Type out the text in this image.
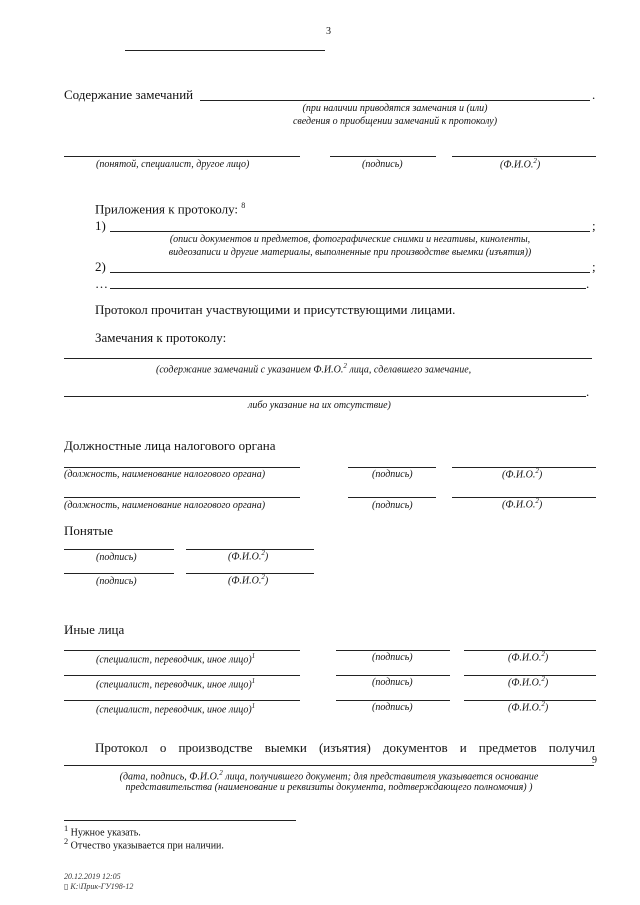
3
Содержание замечаний	.
(при наличии приводятся замечания и (или)
сведения о приобщении замечаний к протоколу)
(понятой, специалист, другое лицо)	(подпись)	(Ф.И.О.$^2$)
Приложения к протоколу: $^8$
1)	;
(описи документов и предметов, фотографические снимки и негативы, киноленты,
видеозаписи и другие материалы, выполненные при производстве выемки (изъятия))
2)	;
…	.
Протокол прочитан участвующими и присутствующими лицами.
Замечания к протоколу:
(содержание замечаний с указанием Ф.И.О.$^2$ лица, сделавшего замечание,
.
либо указание на их отсутствие)
Должностные лица налогового органа
(должность, наименование налогового органа)	(подпись)	(Ф.И.О.$^2$)
(должность, наименование налогового органа)	(подпись)	(Ф.И.О.$^2$)
Понятые
(подпись)	(Ф.И.О.$^2$)
(подпись)	(Ф.И.О.$^2$)
Иные лица
(специалист, переводчик, иное лицо)$^1$	(подпись)	(Ф.И.О.$^2$)
(специалист, переводчик, иное лицо)$^1$	(подпись)	(Ф.И.О.$^2$)
(специалист, переводчик, иное лицо)$^1$	(подпись)	(Ф.И.О.$^2$)
Протокол о производстве выемки (изъятия) документов и предметов получил
9
(дата, подпись, Ф.И.О.$^2$ лица, получившего документ; для представителя указывается основание
представительства (наименование и реквизиты документа, подтверждающего полномочия) )
$^1$ Нужное указать.
$^2$ Отчество указывается при наличии.
20.12.2019 12:05
▯ К:\Прик-ГУ198-12
